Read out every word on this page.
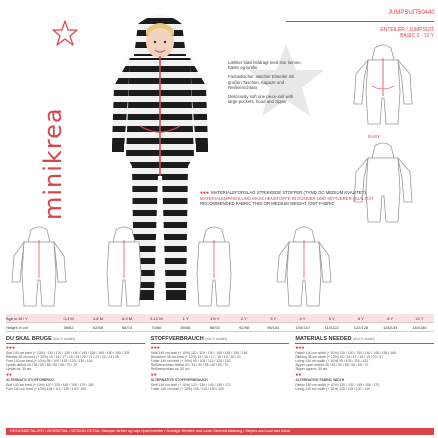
minikrea
JUMPSUIT 50440
ENTEILER / JUMPSUIT
BASIC 0 - 10 Y

Lækker blød heldragt med stor lomme, hætte og lynlås

Fantastischer, weicher Einteiler mit großen Taschen, Kapuze und Reißverschluss

Deliciously soft one piece suit with large pockets, hood and zipper

EASY
●●● MATERIALEFORSLAG STRIKKEDE STOFFER (TYND OG MEDIUM KVALITET)
MATERIALEMPFEHLUNG MASCHENSTOFFE IN DÜNNER UND MITTLERER QUALITÄT
RECOMMENDED FABRIC THIN OR MEDIUM WEIGHT KNIT FABRIC
Age in M / Y	0-3 M	3-6 M	6-9 M	9-12 M	1 Y	1½ Y	2 Y	3 Y	4 Y	5 Y	6 Y	8 Y	10 Y
Height in cm	56/62	62/68	68/74	74/80	80/86	86/92	92/98	98/104	104/110	110/122	122/128	128/134	140/146
DU SKAL BRUGE (inkl.9 model)
●●●
Stof 140 cm bred (+ 10%) / 110 / 120 / 130 / 140 / 145 / 155 / 165 / 180 / 190 / 205
Ribstrik 38 cm bred (+ 10%) 15 / 16 / 17 / 18 / 19 / 20 / 21 / 22 / 23 / 24 / 25
Foer 140 cm bred (+ 10%) 95 / 105 / 115 / 120 / 130 / 140
Lynlås delbar 40 / 45 / 50 / 55 / 60 / 65 / 70 / 75
Lynlås ca. 30 cm
●●
ALTERNATIV STOFFORBRUG
Stof 140 cm bred (+ 10%) 120 / 130 / 145 / 155 / 170 / 180
Foer 140 cm bred (+ 10%) 105 / 115 / 130 / 140 / 150
STOFFVERBRAUCH (inkl.9 model)
●●●
Stoff 140 cm breit (+ 10%) 110 / 120 / 130 / 140 / 145 / 155 / 165
Bündchen 38 cm breit (+ 10%) 15 / 16 / 17 / 18 / 19 / 20 / 21
Futter 140 cm breit (+ 10%) 95 / 105 / 115 / 120 / 130
Reißverschluss teilbar 40 / 45 / 50 / 55 / 60 / 65 / 70
Reißverschluss ca. 30 cm
●●
ALTERNATIVE STOFFVERBRAUCH
Stoff 140 cm breit (+ 10%) 120 / 130 / 145 / 155 / 170
Futter 140 cm breit (+ 10%) 105 / 115 / 130 / 140
MATERIALS NEEDED (incl.9 model)
●●●
Fabric 140 cm width (+ 10%) 110 / 120 / 130 / 140 / 145 / 155 / 165
Ribbing 38 cm width (+ 10%) 15 / 16 / 17 / 18 / 19 / 20 / 21
Lining 140 cm width (+ 10%) 95 / 105 / 115 / 120
Zipper open-ended 40 / 45 / 50 / 55 / 60 / 65 / 70
Zipper approx. 30 cm
●●
ALTERNATIVE FABRIC WIDTH
Fabric 140 cm width (+ 10%) 120 / 130 / 145 / 155 / 170
Lining 140 cm width (+ 10%) 105 / 115 / 130 / 140
DESIGNDETALJER / ZIERDETAIL / DESIGN DETAIL Stamper striber og vaje ripsemmelter / Schräge Streifen und coole Sternverstärkung / Stripes and cool star detail
